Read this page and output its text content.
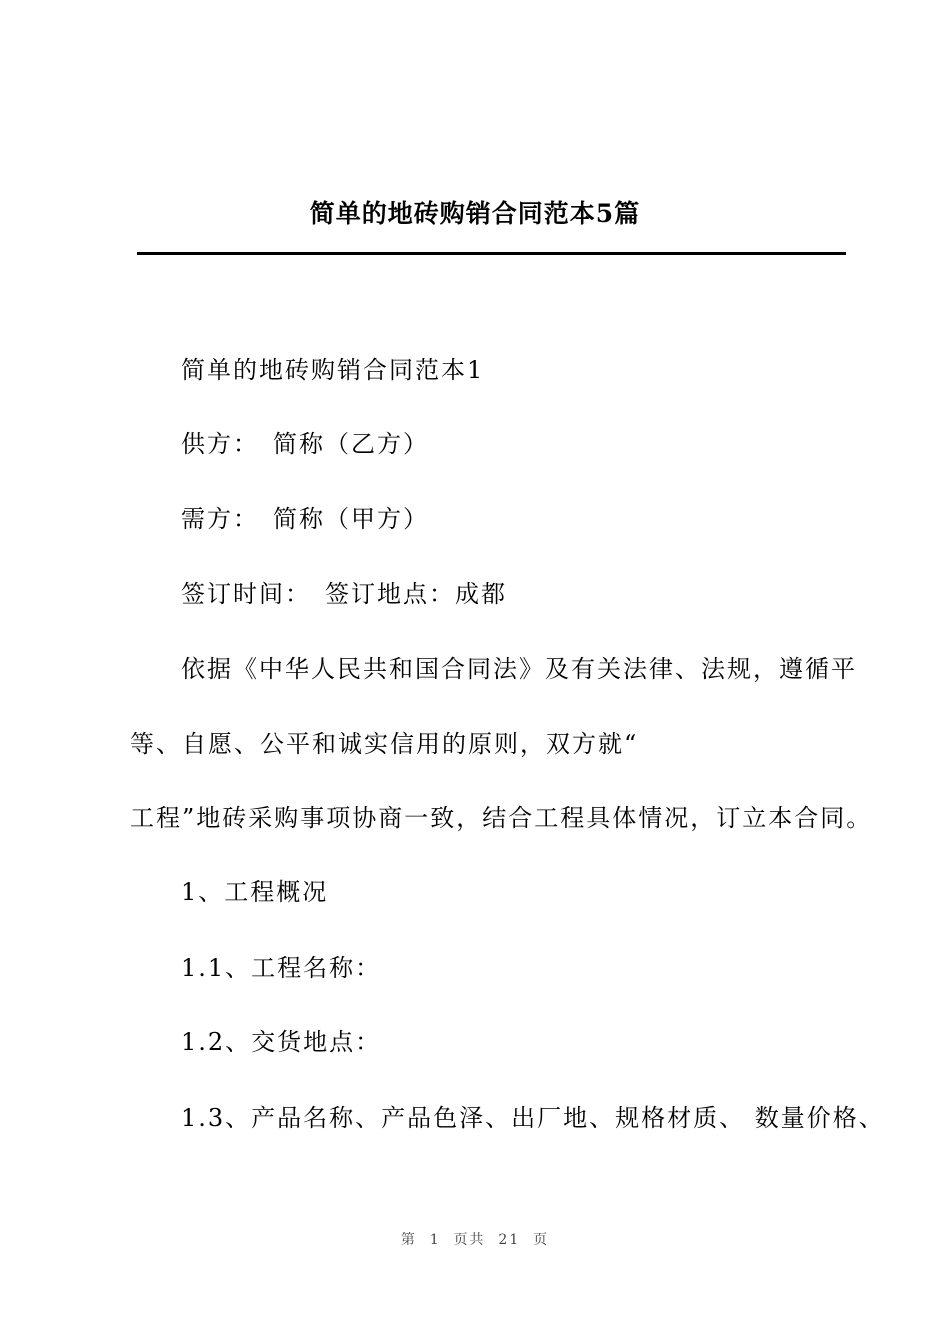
简单的地砖购销合同范本5篇
简单的地砖购销合同范本1
供方：　简称（乙方）
需方：　简称（甲方）
签订时间：　签订地点：成都
依据《中华人民共和国合同法》及有关法律、法规，遵循平
等、自愿、公平和诚实信用的原则，双方就“
工程”地砖采购事项协商一致，结合工程具体情况，订立本合同。
1、工程概况
1.1、工程名称：
1.2、交货地点：
1.3、产品名称、产品色泽、出厂地、规格材质、 数量价格、
第  1  页共  21  页
